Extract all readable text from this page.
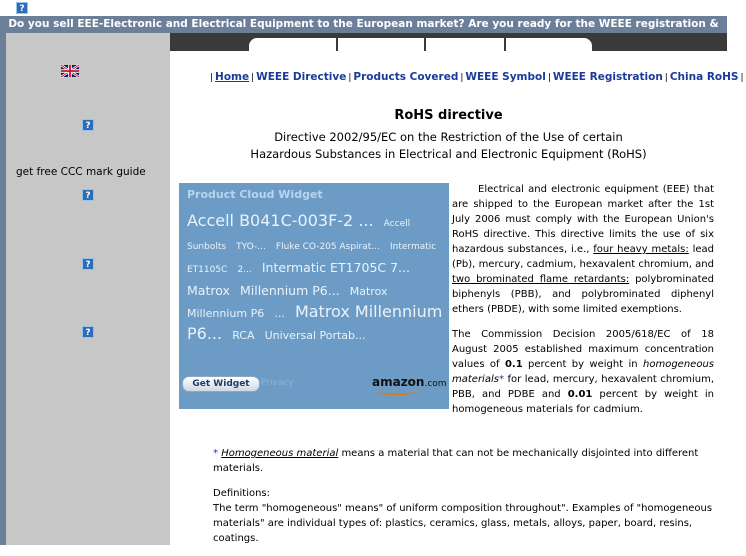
?
Do you sell EEE-Electronic and Electrical Equipment to the European market? Are you ready for the WEEE registration &
?
get free CCC mark guide
?
?
?
| Home | WEEE Directive | Products Covered | WEEE Symbol | WEEE Registration | China RoHS |
RoHS directive
Directive 2002/95/EC on the Restriction of the Use of certain
Hazardous Substances in Electrical and Electronic Equipment (RoHS)
Product Cloud Widget
Accell B041C-003F-2 ... Accell Sunbolts TYO-... Fluke CO-205 Aspirat... Intermatic ET1105C 2... Intermatic ET1705C 7... Matrox Millennium P6... Matrox Millennium P6 ... Matrox Millennium P6... RCA Universal Portab...
Get Widget	Privacy	amazon.com

Electrical and electronic equipment (EEE) that are shipped to the European market after the 1st July 2006 must comply with the European Union's RoHS directive. This directive limits the use of six hazardous substances, i.e., four heavy metals: lead (Pb), mercury, cadmium, hexavalent chromium, and two brominated flame retardants: polybrominated biphenyls (PBB), and polybrominated diphenyl ethers (PBDE), with some limited exemptions.

The Commission Decision 2005/618/EC of 18 August 2005 established maximum concentration values of 0.1 percent by weight in homogeneous materials* for lead, mercury, hexavalent chromium, PBB, and PDBE and 0.01 percent by weight in homogeneous materials for cadmium.

* Homogeneous material means a material that can not be mechanically disjointed into different materials.

Definitions:
The term "homogeneous" means" of uniform composition throughout". Examples of "homogeneous materials" are individual types of: plastics, ceramics, glass, metals, alloys, paper, board, resins, coatings.
